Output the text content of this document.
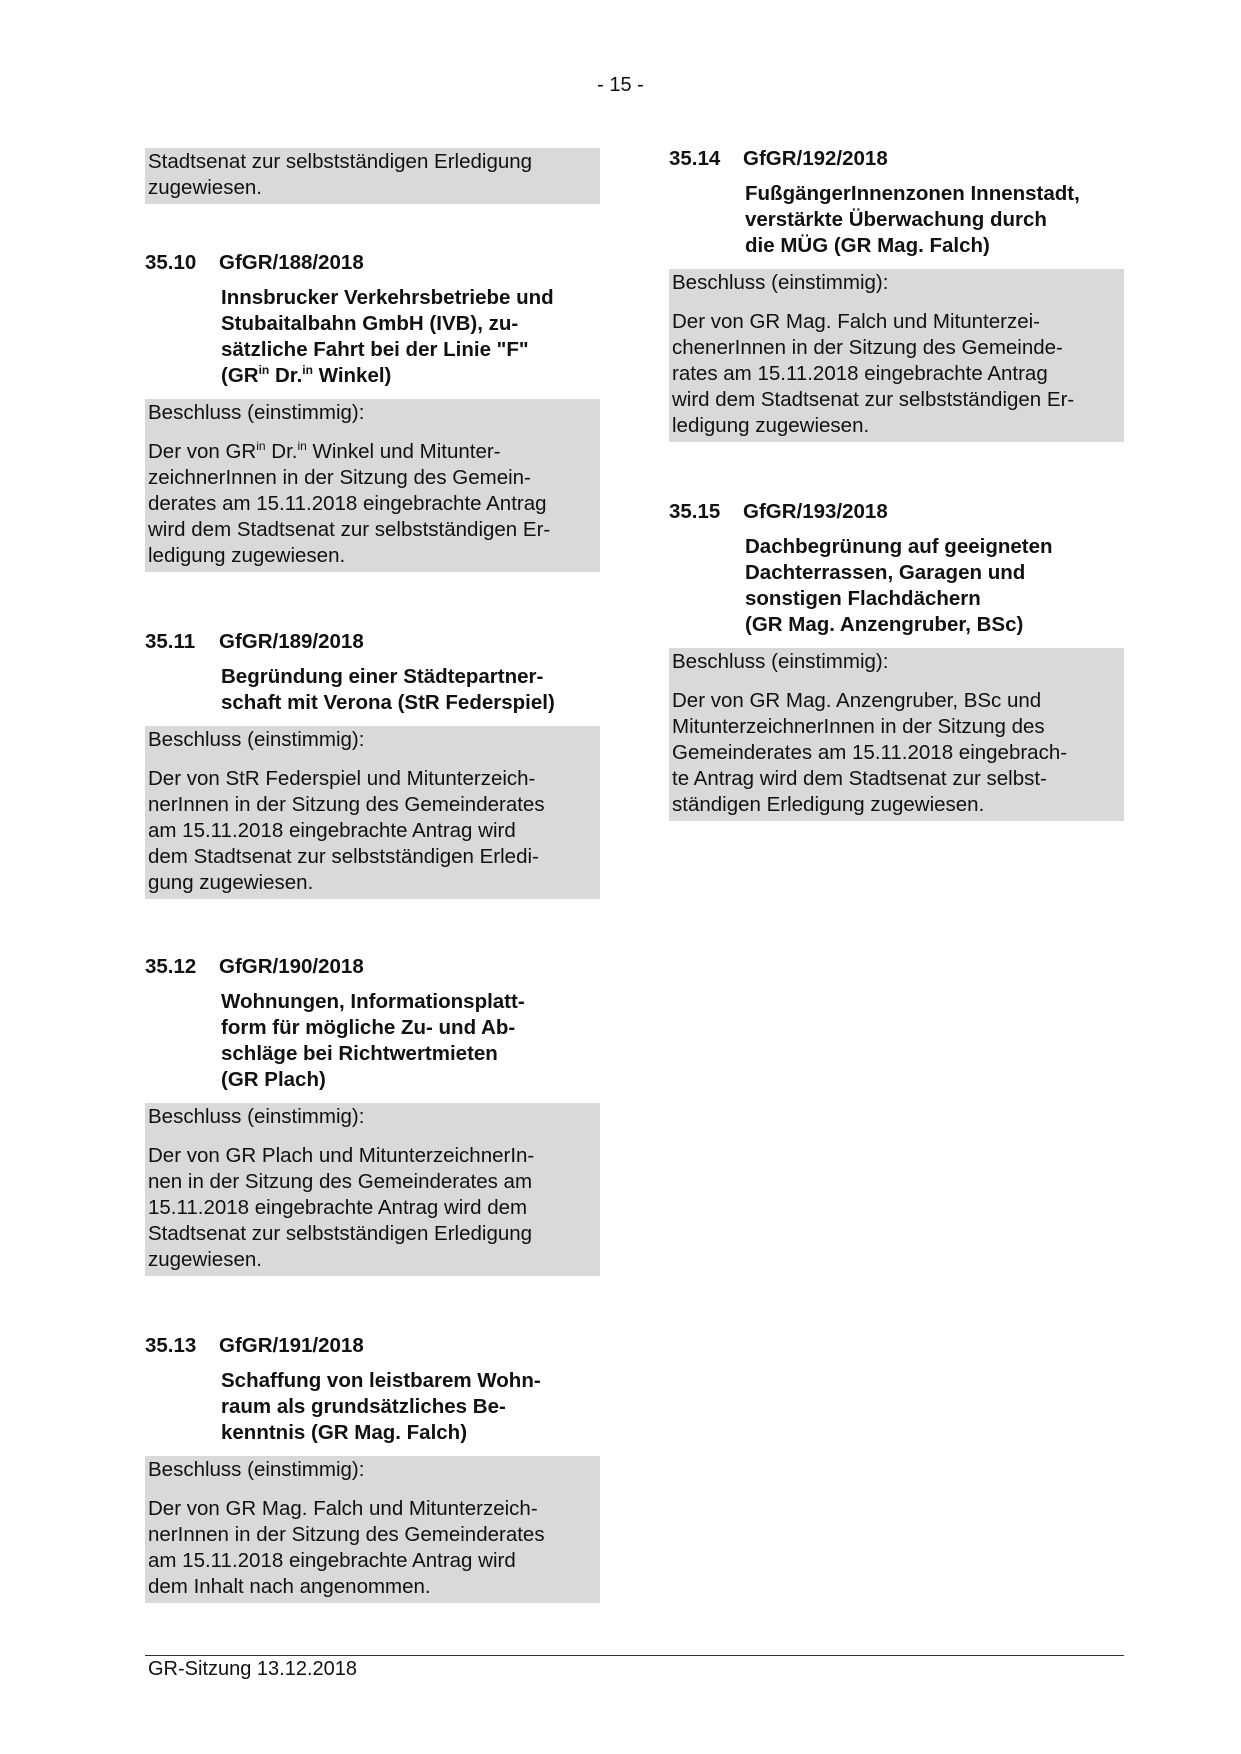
- 15 -
Stadtsenat zur selbstständigen Erledigung
zugewiesen.
35.10	GfGR/188/2018
Innsbrucker Verkehrsbetriebe und
Stubaitalbahn GmbH (IVB), zu-
sätzliche Fahrt bei der Linie "F"
($GR^{in}$ Dr.$^{in}$ Winkel)
Beschluss (einstimmig):
Der von $GR^{in}$ Dr.$^{in}$ Winkel und Mitunter-
zeichnerInnen in der Sitzung des Gemein-
derates am 15.11.2018 eingebrachte Antrag
wird dem Stadtsenat zur selbstständigen Er-
ledigung zugewiesen.
35.11	GfGR/189/2018
Begründung einer Städtepartner-
schaft mit Verona (StR Federspiel)
Beschluss (einstimmig):
Der von StR Federspiel und Mitunterzeich-
nerInnen in der Sitzung des Gemeinderates
am 15.11.2018 eingebrachte Antrag wird
dem Stadtsenat zur selbstständigen Erledi-
gung zugewiesen.
35.12	GfGR/190/2018
Wohnungen, Informationsplatt-
form für mögliche Zu- und Ab-
schläge bei Richtwertmieten
(GR Plach)
Beschluss (einstimmig):
Der von GR Plach und MitunterzeichnerIn-
nen in der Sitzung des Gemeinderates am
15.11.2018 eingebrachte Antrag wird dem
Stadtsenat zur selbstständigen Erledigung
zugewiesen.
35.13	GfGR/191/2018
Schaffung von leistbarem Wohn-
raum als grundsätzliches Be-
kenntnis (GR Mag. Falch)
Beschluss (einstimmig):
Der von GR Mag. Falch und Mitunterzeich-
nerInnen in der Sitzung des Gemeinderates
am 15.11.2018 eingebrachte Antrag wird
dem Inhalt nach angenommen.
35.14	GfGR/192/2018
FußgängerInnenzonen Innenstadt,
verstärkte Überwachung durch
die MÜG (GR Mag. Falch)
Beschluss (einstimmig):
Der von GR Mag. Falch und Mitunterzei-
chenerInnen in der Sitzung des Gemeinde-
rates am 15.11.2018 eingebrachte Antrag
wird dem Stadtsenat zur selbstständigen Er-
ledigung zugewiesen.
35.15	GfGR/193/2018
Dachbegrünung auf geeigneten
Dachterrassen, Garagen und
sonstigen Flachdächern
(GR Mag. Anzengruber, BSc)
Beschluss (einstimmig):
Der von GR Mag. Anzengruber, BSc und
MitunterzeichnerInnen in der Sitzung des
Gemeinderates am 15.11.2018 eingebrach-
te Antrag wird dem Stadtsenat zur selbst-
ständigen Erledigung zugewiesen.
GR-Sitzung 13.12.2018
